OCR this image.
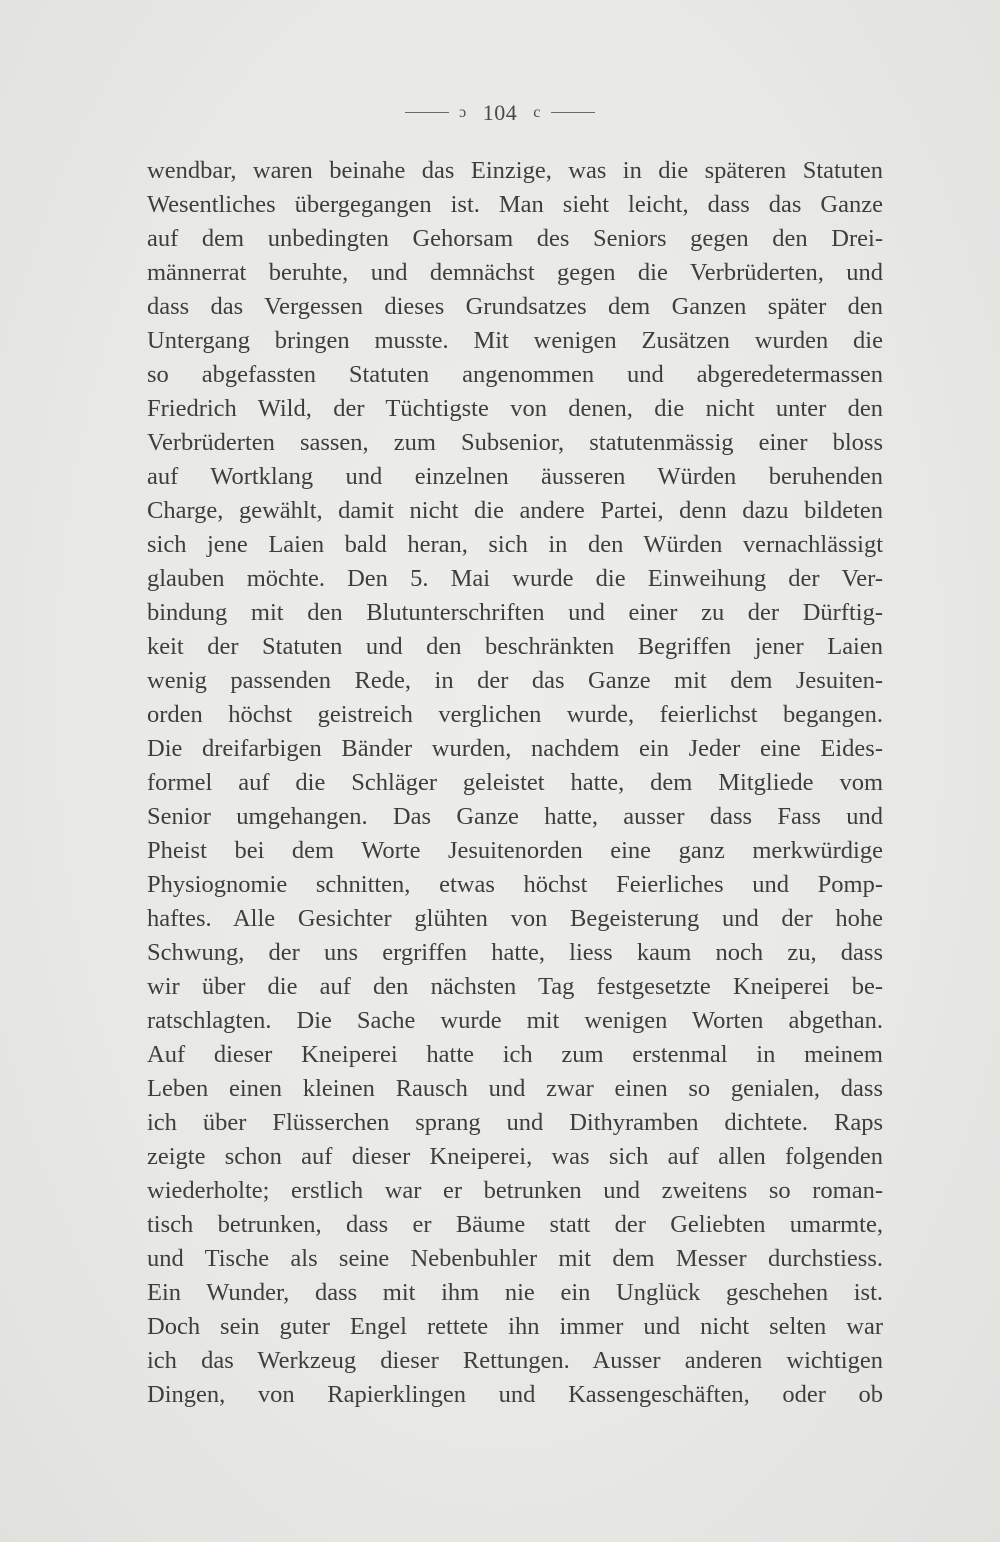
ɔ 104 c
wendbar, waren beinahe das Einzige, was in die späteren Statuten
Wesentliches übergegangen ist. Man sieht leicht, dass das Ganze
auf dem unbedingten Gehorsam des Seniors gegen den Drei-
männerrat beruhte, und demnächst gegen die Verbrüderten, und
dass das Vergessen dieses Grundsatzes dem Ganzen später den
Untergang bringen musste. Mit wenigen Zusätzen wurden die
so abgefassten Statuten angenommen und abgeredetermassen
Friedrich Wild, der Tüchtigste von denen, die nicht unter den
Verbrüderten sassen, zum Subsenior, statutenmässig einer bloss
auf Wortklang und einzelnen äusseren Würden beruhenden
Charge, gewählt, damit nicht die andere Partei, denn dazu bildeten
sich jene Laien bald heran, sich in den Würden vernachlässigt
glauben möchte. Den 5. Mai wurde die Einweihung der Ver-
bindung mit den Blutunterschriften und einer zu der Dürftig-
keit der Statuten und den beschränkten Begriffen jener Laien
wenig passenden Rede, in der das Ganze mit dem Jesuiten-
orden höchst geistreich verglichen wurde, feierlichst begangen.
Die dreifarbigen Bänder wurden, nachdem ein Jeder eine Eides-
formel auf die Schläger geleistet hatte, dem Mitgliede vom
Senior umgehangen. Das Ganze hatte, ausser dass Fass und
Pheist bei dem Worte Jesuitenorden eine ganz merkwürdige
Physiognomie schnitten, etwas höchst Feierliches und Pomp-
haftes. Alle Gesichter glühten von Begeisterung und der hohe
Schwung, der uns ergriffen hatte, liess kaum noch zu, dass
wir über die auf den nächsten Tag festgesetzte Kneiperei be-
ratschlagten. Die Sache wurde mit wenigen Worten abgethan.
Auf dieser Kneiperei hatte ich zum erstenmal in meinem
Leben einen kleinen Rausch und zwar einen so genialen, dass
ich über Flüsserchen sprang und Dithyramben dichtete. Raps
zeigte schon auf dieser Kneiperei, was sich auf allen folgenden
wiederholte; erstlich war er betrunken und zweitens so roman-
tisch betrunken, dass er Bäume statt der Geliebten umarmte,
und Tische als seine Nebenbuhler mit dem Messer durchstiess.
Ein Wunder, dass mit ihm nie ein Unglück geschehen ist.
Doch sein guter Engel rettete ihn immer und nicht selten war
ich das Werkzeug dieser Rettungen. Ausser anderen wichtigen
Dingen, von Rapierklingen und Kassengeschäften, oder ob
